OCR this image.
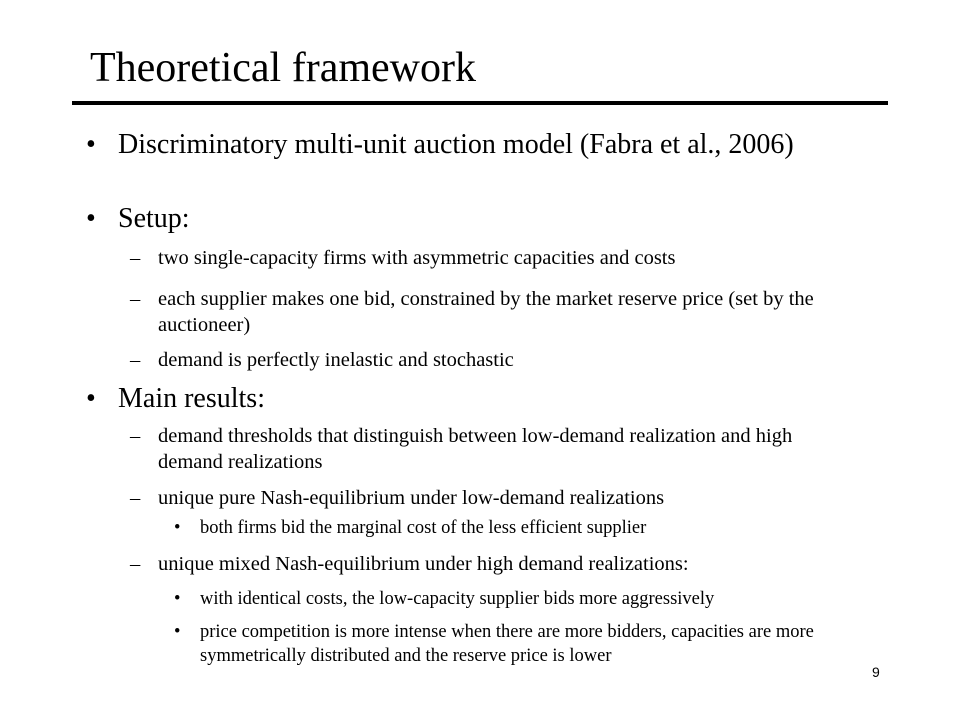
Theoretical framework
• Discriminatory multi-unit auction model (Fabra et al., 2006)
• Setup:
– two single-capacity firms with asymmetric capacities and costs
– each supplier makes one bid, constrained by the market reserve price (set by the auctioneer)
– demand is perfectly inelastic and stochastic
• Main results:
– demand thresholds that distinguish between low-demand realization and high demand realizations
– unique pure Nash-equilibrium under low-demand realizations
• both firms bid the marginal cost of the less efficient supplier
– unique mixed Nash-equilibrium under high demand realizations:
• with identical costs, the low-capacity supplier bids more aggressively
• price competition is more intense when there are more bidders, capacities are more symmetrically distributed and the reserve price is lower
9
